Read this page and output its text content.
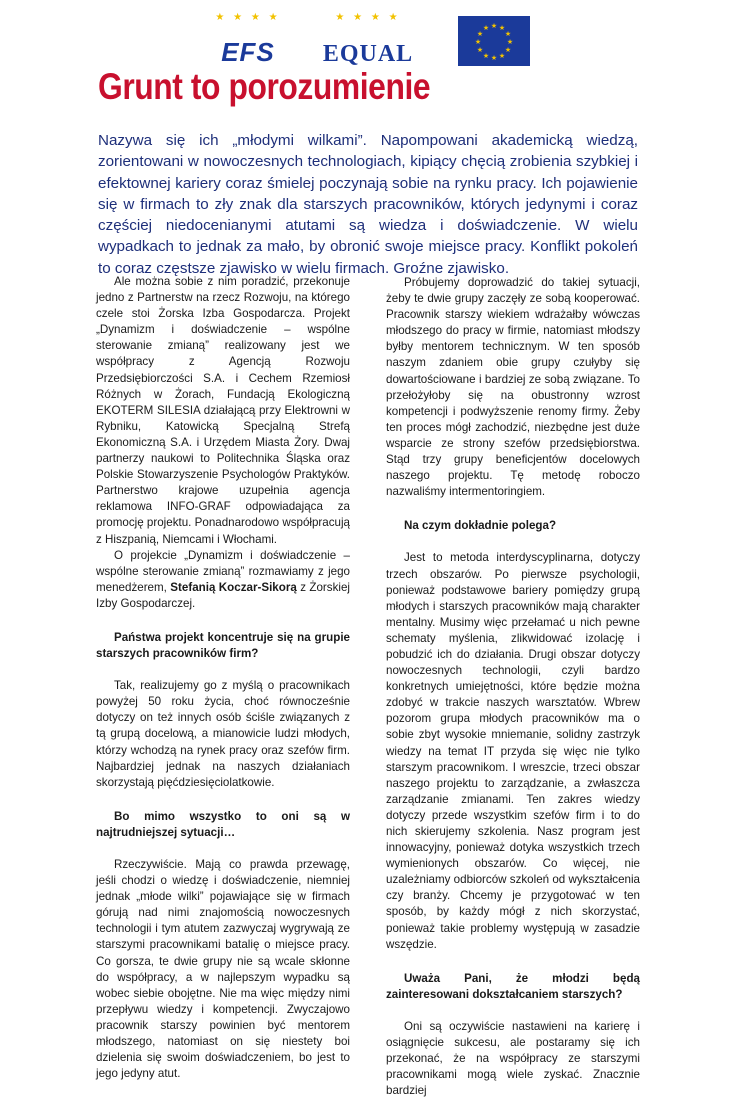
★ ★ ★ ★
EFS
★ ★ ★ ★
EQUAL
★ ★
★
★
★
★
★
★
★
★
★
★
Grunt to porozumienie

Nazywa się ich „młodymi wilkami”. Napompowani akademicką wiedzą, zorientowani w nowoczesnych technologiach, kipiący chęcią zrobienia szybkiej i efektownej kariery coraz śmielej poczynają sobie na rynku pracy. Ich pojawienie się w firmach to zły znak dla starszych pracowników, których jedynymi i coraz częściej niedocenianymi atutami są wiedza i doświadczenie. W wielu wypadkach to jednak za mało, by obronić swoje miejsce pracy. Konflikt pokoleń to coraz częstsze zjawisko w wielu firmach. Groźne zjawisko.

Ale można sobie z nim poradzić, przekonuje jedno z Partnerstw na rzecz Rozwoju, na którego czele stoi Żorska Izba Gospodarcza. Projekt „Dynamizm i doświadczenie – wspólne sterowanie zmianą” realizowany jest we współpracy z Agencją Rozwoju Przedsiębiorczości S.A. i Cechem Rzemiosł Różnych w Żorach, Fundacją Ekologiczną EKOTERM SILESIA działającą przy Elektrowni w Rybniku, Katowicką Specjalną Strefą Ekonomiczną S.A. i Urzędem Miasta Żory. Dwaj partnerzy naukowi to Politechnika Śląska oraz Polskie Stowarzyszenie Psychologów Praktyków. Partnerstwo krajowe uzupełnia agencja reklamowa INFO-GRAF odpowiadająca za promocję projektu. Ponadnarodowo współpracują z Hiszpanią, Niemcami i Włochami.

O projekcie „Dynamizm i doświadczenie – wspólne sterowanie zmianą” rozmawiamy z jego menedżerem, Stefanią Koczar-Sikorą z Żorskiej Izby Gospodarczej.

Państwa projekt koncentruje się na grupie starszych pracowników firm?

Tak, realizujemy go z myślą o pracownikach powyżej 50 roku życia, choć równocześnie dotyczy on też innych osób ściśle związanych z tą grupą docelową, a mianowicie ludzi młodych, którzy wchodzą na rynek pracy oraz szefów firm. Najbardziej jednak na naszych działaniach skorzystają pięćdziesięciolatkowie.

Bo mimo wszystko to oni są w najtrudniejszej sytuacji…

Rzeczywiście. Mają co prawda przewagę, jeśli chodzi o wiedzę i doświadczenie, niemniej jednak „młode wilki” pojawiające się w firmach górują nad nimi znajomością nowoczesnych technologii i tym atutem zazwyczaj wygrywają ze starszymi pracownikami batalię o miejsce pracy. Co gorsza, te dwie grupy nie są wcale skłonne do współpracy, a w najlepszym wypadku są wobec siebie obojętne. Nie ma więc między nimi przepływu wiedzy i kompetencji. Zwyczajowo pracownik starszy powinien być mentorem młodszego, natomiast on się niestety boi dzielenia się swoim doświadczeniem, bo jest to jego jedyny atut.

Próbujemy doprowadzić do takiej sytuacji, żeby te dwie grupy zaczęły ze sobą kooperować. Pracownik starszy wiekiem wdrażałby wówczas młodszego do pracy w firmie, natomiast młodszy byłby mentorem technicznym. W ten sposób naszym zdaniem obie grupy czułyby się dowartościowane i bardziej ze sobą związane. To przełożyłoby się na obustronny wzrost kompetencji i podwyższenie renomy firmy. Żeby ten proces mógł zachodzić, niezbędne jest duże wsparcie ze strony szefów przedsiębiorstwa. Stąd trzy grupy beneficjentów docelowych naszego projektu. Tę metodę roboczo nazwaliśmy intermentoringiem.

Na czym dokładnie polega?

Jest to metoda interdyscyplinarna, dotyczy trzech obszarów. Po pierwsze psychologii, ponieważ podstawowe bariery pomiędzy grupą młodych i starszych pracowników mają charakter mentalny. Musimy więc przełamać u nich pewne schematy myślenia, zlikwidować izolację i pobudzić ich do działania. Drugi obszar dotyczy nowoczesnych technologii, czyli bardzo konkretnych umiejętności, które będzie można zdobyć w trakcie naszych warsztatów. Wbrew pozorom grupa młodych pracowników ma o sobie zbyt wysokie mniemanie, solidny zastrzyk wiedzy na temat IT przyda się więc nie tylko starszym pracownikom. I wreszcie, trzeci obszar naszego projektu to zarządzanie, a zwłaszcza zarządzanie zmianami. Ten zakres wiedzy dotyczy przede wszystkim szefów firm i to do nich skierujemy szkolenia. Nasz program jest innowacyjny, ponieważ dotyka wszystkich trzech wymienionych obszarów. Co więcej, nie uzależniamy odbiorców szkoleń od wykształcenia czy branży. Chcemy je przygotować w ten sposób, by każdy mógł z nich skorzystać, ponieważ takie problemy występują w zasadzie wszędzie.

Uważa Pani, że młodzi będą zainteresowani dokształcaniem starszych?

Oni są oczywiście nastawieni na karierę i osiągnięcie sukcesu, ale postaramy się ich przekonać, że na współpracy ze starszymi pracownikami mogą wiele zyskać. Znacznie bardziej
